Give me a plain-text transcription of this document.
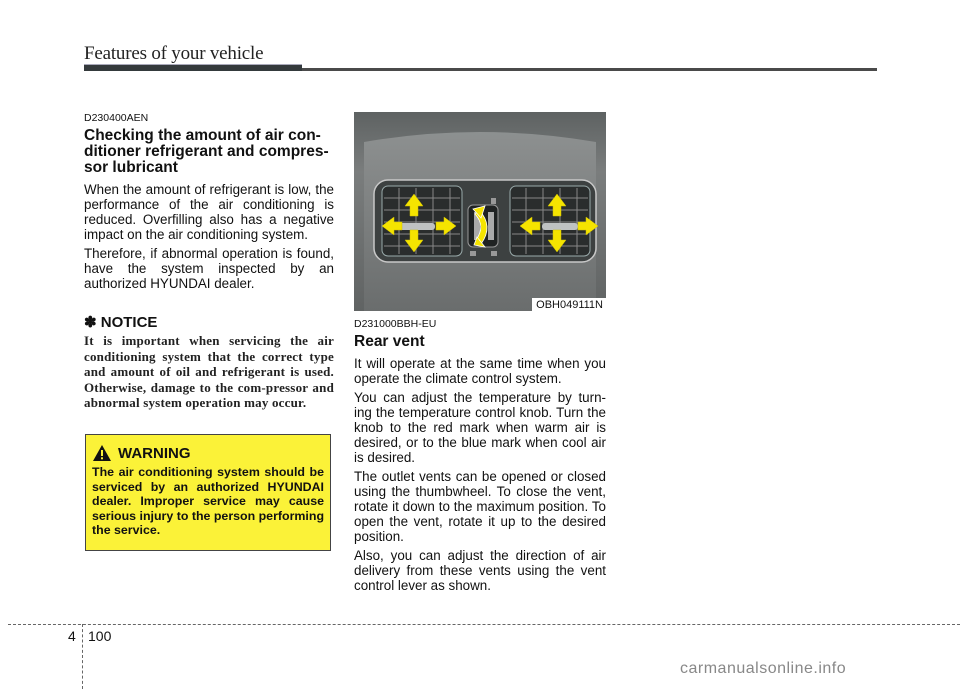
Features of your vehicle
D230400AEN
Checking the amount of air con-ditioner refrigerant and compres-sor lubricant

When the amount of refrigerant is low, the performance of the air conditioning is reduced. Overfilling also has a negative impact on the air conditioning system.

Therefore, if abnormal operation is found, have the system inspected by an authorized HYUNDAI dealer.

✽ NOTICE
It is important when servicing the air conditioning system that the correct type and amount of oil and refrigerant is used. Otherwise, damage to the com-pressor and abnormal system operation may occur.
WARNING
The air conditioning system should be serviced by an authorized HYUNDAI dealer. Improper service may cause serious injury to the person performing the service.
OBH049111N
D231000BBH-EU
Rear vent

It will operate at the same time when you operate the climate control system.

You can adjust the temperature by turn-ing the temperature control knob. Turn the knob to the red mark when warm air is desired, or to the blue mark when cool air is desired.

The outlet vents can be opened or closed using the thumbwheel. To close the vent, rotate it down to the maximum position. To open the vent, rotate it up to the desired position.

Also, you can adjust the direction of air delivery from these vents using the vent control lever as shown.

4 100
carmanualsonline.info
